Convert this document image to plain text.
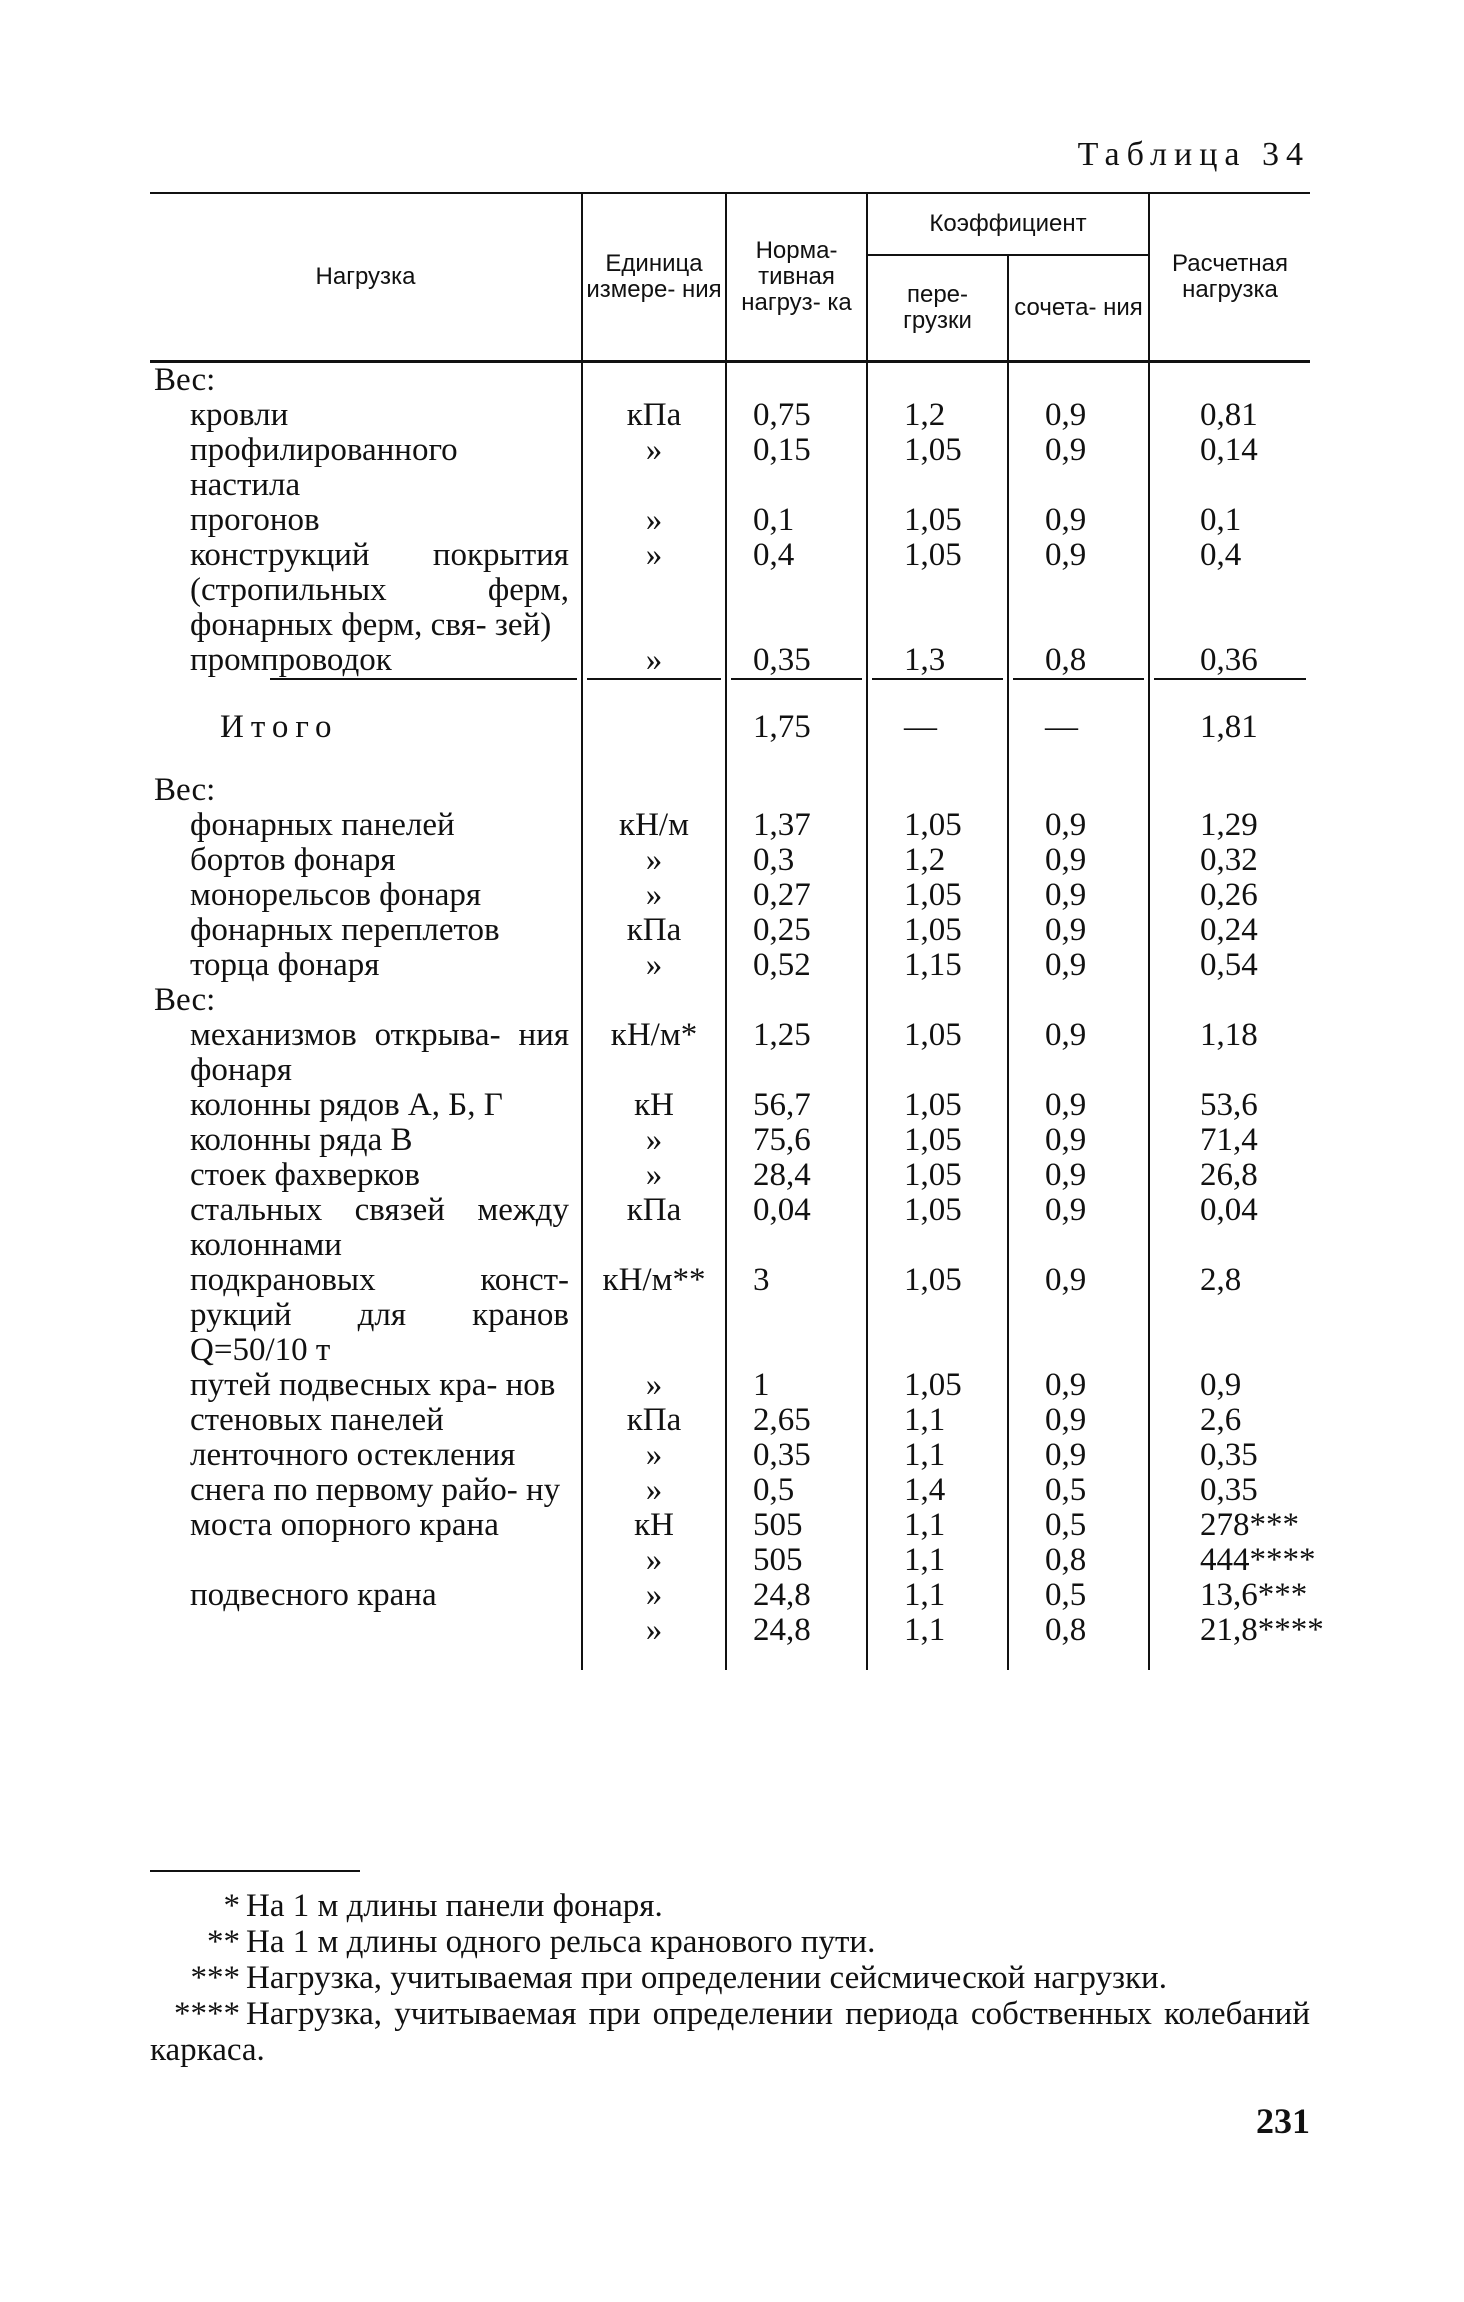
Таблица 34
Нагрузка	Единица измере- ния	Норма- тивная нагруз- ка	Коэффициент		Расчетная нагрузка
			пере- грузки	сочета- ния	

Вес:					

кровли	кПа	0,75	1,2	0,9	0,81

профилированного настила	»	0,15	1,05	0,9	0,14

прогонов	»	0,1	1,05	0,9	0,1

конструкций покрытия (стропильных ферм, фонарных ферм, свя- зей)	»	0,4	1,05	0,9	0,4

промпроводок	»	0,35	1,3	0,8	0,36

Итого		1,75	—	—	1,81

Вес:					

фонарных панелей	кН/м	1,37	1,05	0,9	1,29

бортов фонаря	»	0,3	1,2	0,9	0,32

монорельсов фонаря	»	0,27	1,05	0,9	0,26

фонарных переплетов	кПа	0,25	1,05	0,9	0,24

торца фонаря	»	0,52	1,15	0,9	0,54

Вес:					

механизмов открыва- ния фонаря	кН/м*	1,25	1,05	0,9	1,18

колонны рядов А, Б, Г	кН	56,7	1,05	0,9	53,6

колонны ряда В	»	75,6	1,05	0,9	71,4

стоек фахверков	»	28,4	1,05	0,9	26,8

стальных связей между колоннами	кПа	0,04	1,05	0,9	0,04

подкрановых конст- рукций для кранов Q=50/10 т	кН/м**	3	1,05	0,9	2,8

путей подвесных кра- нов	»	1	1,05	0,9	0,9

стеновых панелей	кПа	2,65	1,1	0,9	2,6

ленточного остекления	»	0,35	1,1	0,9	0,35

снега по первому райо- ну	»	0,5	1,4	0,5	0,35

моста опорного крана	кН	505	1,1	0,5	278***

	»	505	1,1	0,8	444****

подвесного крана	»	24,8	1,1	0,5	13,6***

	»	24,8	1,1	0,8	21,8****

* На 1 м длины панели фонаря.
** На 1 м длины одного рельса кранового пути.
*** Нагрузка, учитываемая при определении сейсмической нагрузки.
**** Нагрузка, учитываемая при определении периода собственных колебаний каркаса.
231
